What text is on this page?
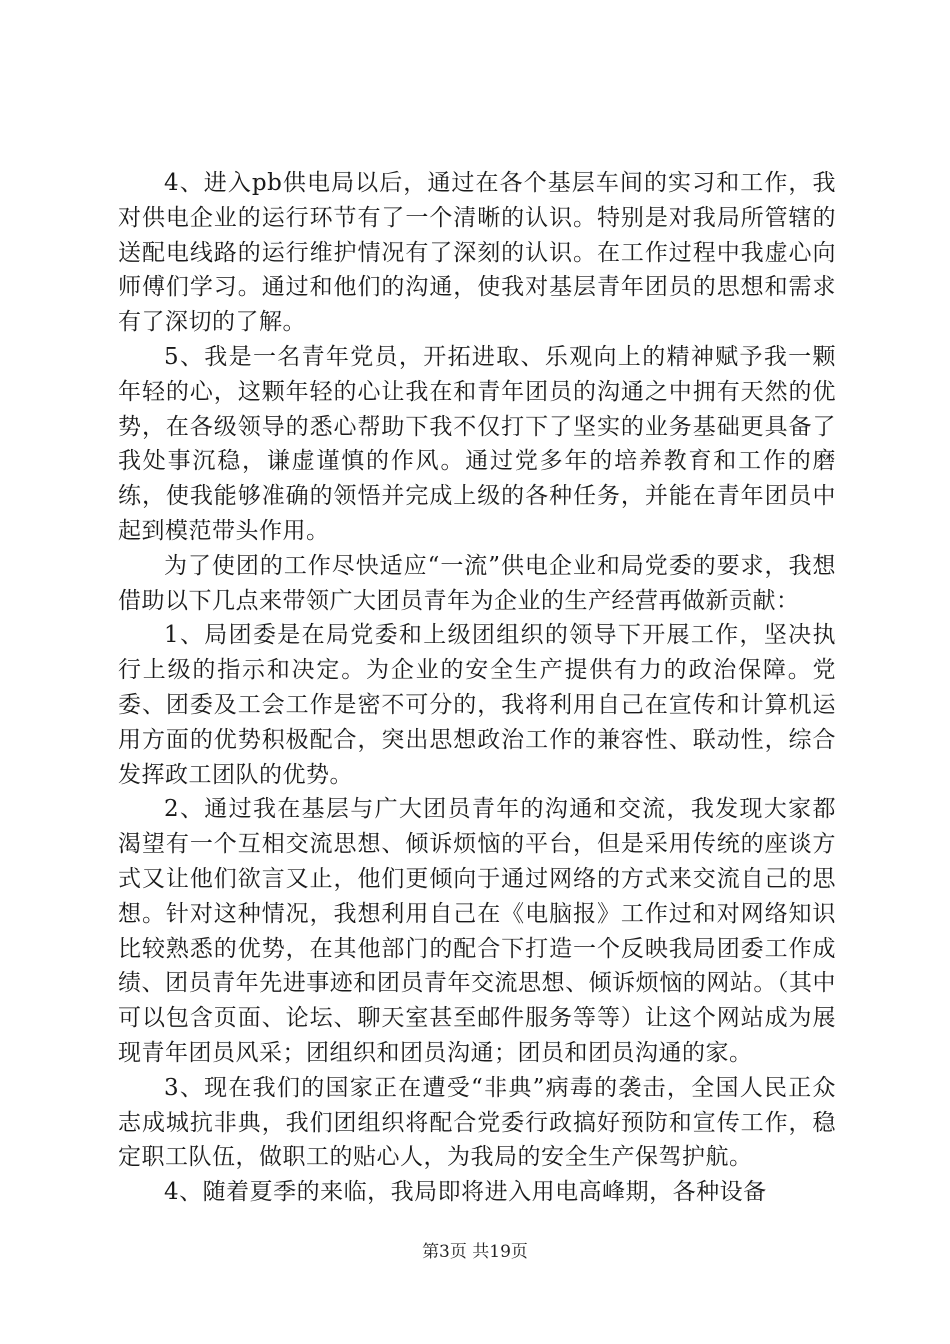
4、进入pb供电局以后，通过在各个基层车间的实习和工作，我对供电企业的运行环节有了一个清晰的认识。特别是对我局所管辖的送配电线路的运行维护情况有了深刻的认识。在工作过程中我虚心向师傅们学习。通过和他们的沟通，使我对基层青年团员的思想和需求有了深切的了解。

5、我是一名青年党员，开拓进取、乐观向上的精神赋予我一颗年轻的心，这颗年轻的心让我在和青年团员的沟通之中拥有天然的优势，在各级领导的悉心帮助下我不仅打下了坚实的业务基础更具备了我处事沉稳，谦虚谨慎的作风。通过党多年的培养教育和工作的磨练，使我能够准确的领悟并完成上级的各种任务，并能在青年团员中起到模范带头作用。

为了使团的工作尽快适应“一流”供电企业和局党委的要求，我想借助以下几点来带领广大团员青年为企业的生产经营再做新贡献：

1、局团委是在局党委和上级团组织的领导下开展工作，坚决执行上级的指示和决定。为企业的安全生产提供有力的政治保障。党委、团委及工会工作是密不可分的，我将利用自己在宣传和计算机运用方面的优势积极配合，突出思想政治工作的兼容性、联动性，综合发挥政工团队的优势。

2、通过我在基层与广大团员青年的沟通和交流，我发现大家都渴望有一个互相交流思想、倾诉烦恼的平台，但是采用传统的座谈方式又让他们欲言又止，他们更倾向于通过网络的方式来交流自己的思想。针对这种情况，我想利用自己在《电脑报》工作过和对网络知识比较熟悉的优势，在其他部门的配合下打造一个反映我局团委工作成绩、团员青年先进事迹和团员青年交流思想、倾诉烦恼的网站。（其中可以包含页面、论坛、聊天室甚至邮件服务等等）让这个网站成为展现青年团员风采；团组织和团员沟通；团员和团员沟通的家。

3、现在我们的国家正在遭受“非典”病毒的袭击，全国人民正众志成城抗非典，我们团组织将配合党委行政搞好预防和宣传工作，稳定职工队伍，做职工的贴心人，为我局的安全生产保驾护航。

4、随着夏季的来临，我局即将进入用电高峰期，各种设备

第3页 共19页
